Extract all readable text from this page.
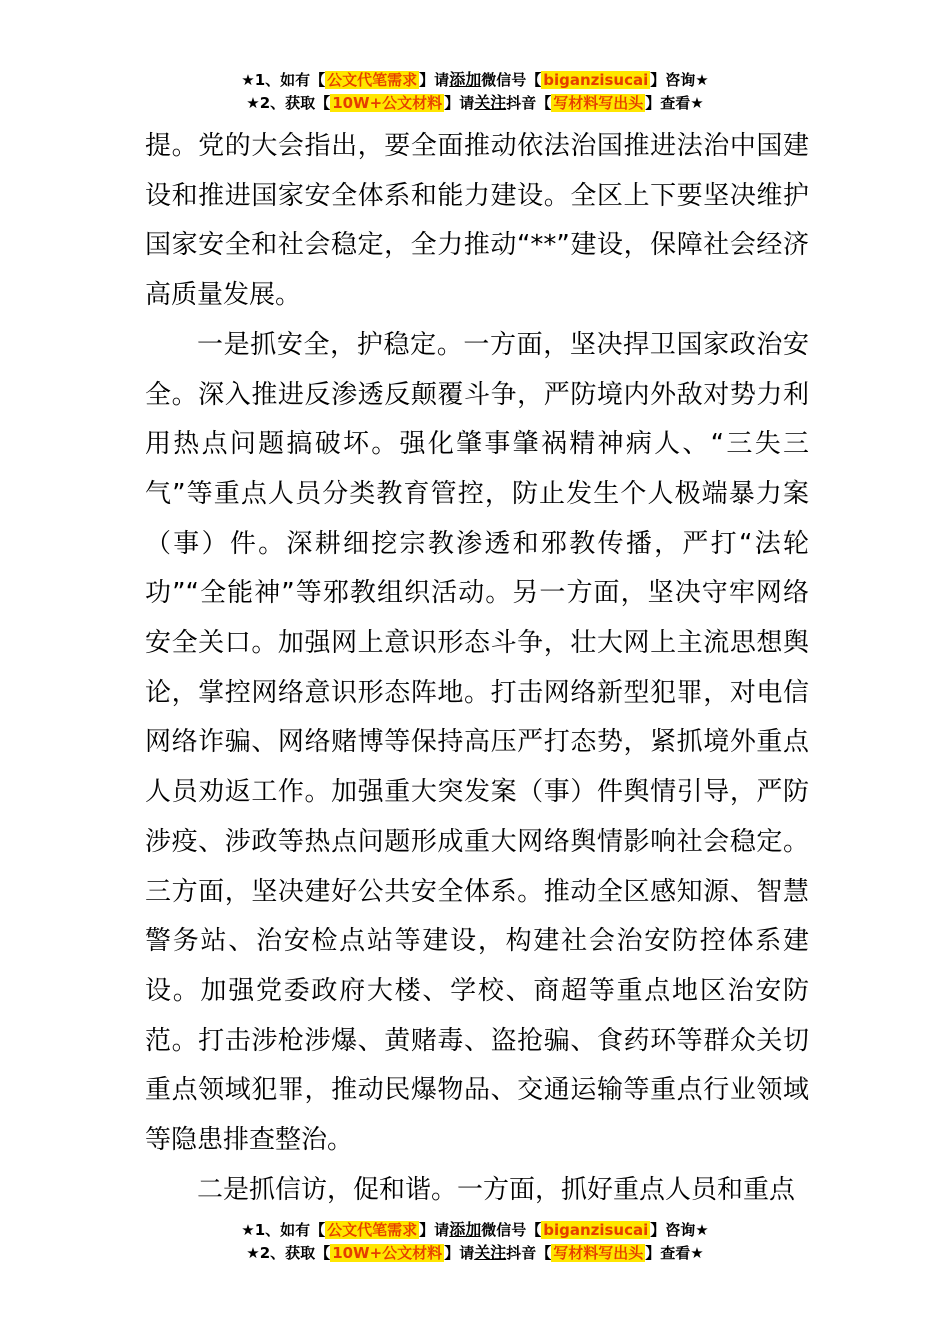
★1、如有【 公文代笔需求 】请添加微信号【 biganzisucai 】咨询★
★2、获取【 10W+公文材料 】请关注抖音【 写材料写出头 】查看★

提。党的大会指出，要全面推动依法治国推进法治中国建设和推进国家安全体系和能力建设。全区上下要坚决维护国家安全和社会稳定，全力推动“**”建设，保障社会经济高质量发展。

一是抓安全，护稳定。一方面，坚决捍卫国家政治安全。深入推进反渗透反颠覆斗争，严防境内外敌对势力利用热点问题搞破坏。强化肇事肇祸精神病人、“三失三气”等重点人员分类教育管控，防止发生个人极端暴力案（事）件。深耕细挖宗教渗透和邪教传播，严打“法轮功”“全能神”等邪教组织活动。另一方面，坚决守牢网络安全关口。加强网上意识形态斗争，壮大网上主流思想舆论，掌控网络意识形态阵地。打击网络新型犯罪，对电信网络诈骗、网络赌博等保持高压严打态势，紧抓境外重点人员劝返工作。加强重大突发案（事）件舆情引导，严防涉疫、涉政等热点问题形成重大网络舆情影响社会稳定。三方面，坚决建好公共安全体系。推动全区感知源、智慧警务站、治安检点站等建设，构建社会治安防控体系建设。加强党委政府大楼、学校、商超等重点地区治安防范。打击涉枪涉爆、黄赌毒、盗抢骗、食药环等群众关切重点领域犯罪，推动民爆物品、交通运输等重点行业领域等隐患排查整治。

二是抓信访，促和谐。一方面，抓好重点人员和重点

★1、如有【 公文代笔需求 】请添加微信号【 biganzisucai 】咨询★
★2、获取【 10W+公文材料 】请关注抖音【 写材料写出头 】查看★
